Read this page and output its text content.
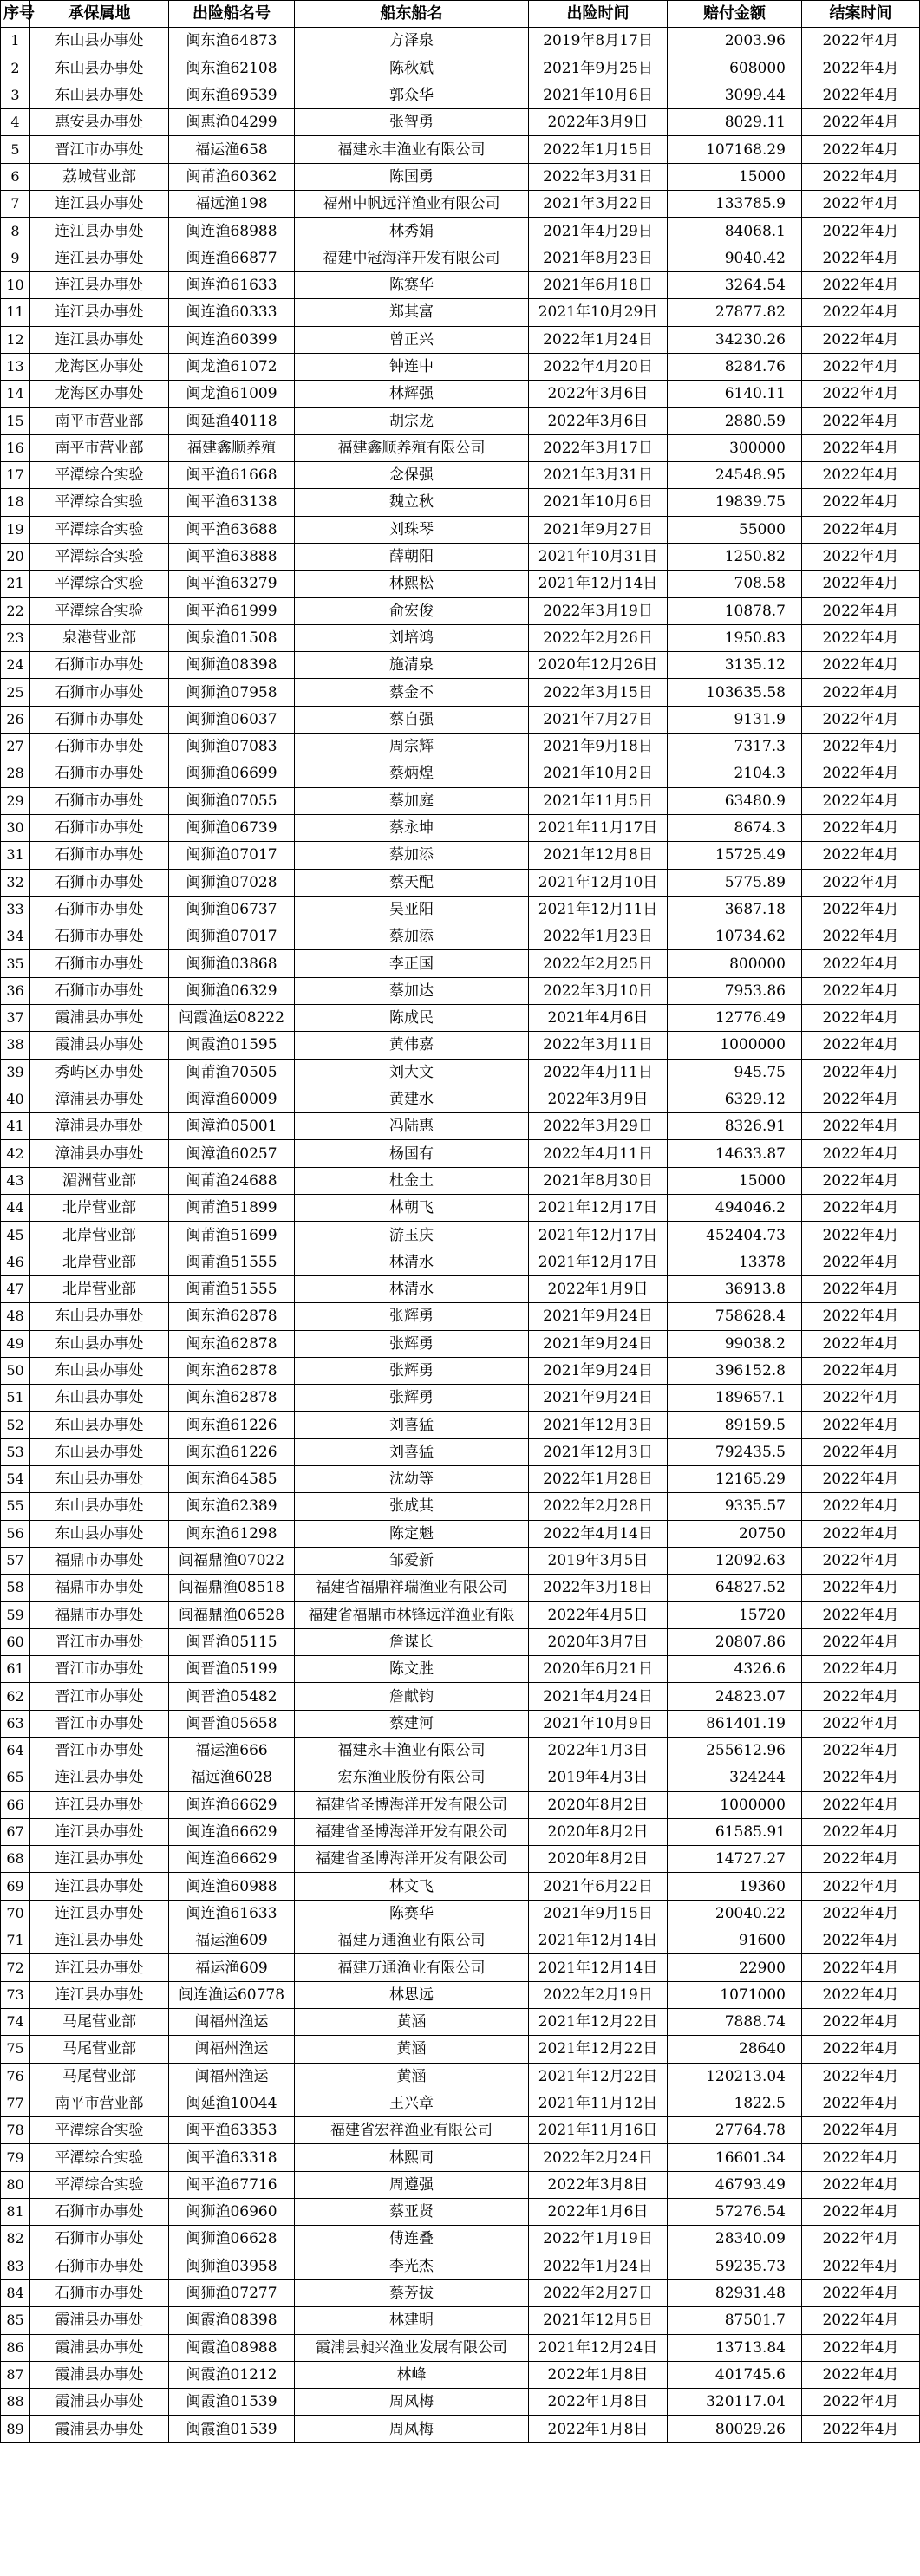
序号	承保属地	出险船名号	船东船名	出险时间	赔付金额	结案时间
1	东山县办事处	闽东渔64873	方泽泉	2019年8月17日	2003.96	2022年4月
2	东山县办事处	闽东渔62108	陈秋斌	2021年9月25日	608000	2022年4月
3	东山县办事处	闽东渔69539	郭众华	2021年10月6日	3099.44	2022年4月
4	惠安县办事处	闽惠渔04299	张智勇	2022年3月9日	8029.11	2022年4月
5	晋江市办事处	福运渔658	福建永丰渔业有限公司	2022年1月15日	107168.29	2022年4月
6	荔城营业部	闽莆渔60362	陈国勇	2022年3月31日	15000	2022年4月
7	连江县办事处	福远渔198	福州中帆远洋渔业有限公司	2021年3月22日	133785.9	2022年4月
8	连江县办事处	闽连渔68988	林秀娟	2021年4月29日	84068.1	2022年4月
9	连江县办事处	闽连渔66877	福建中冠海洋开发有限公司	2021年8月23日	9040.42	2022年4月
10	连江县办事处	闽连渔61633	陈赛华	2021年6月18日	3264.54	2022年4月
11	连江县办事处	闽连渔60333	郑其富	2021年10月29日	27877.82	2022年4月
12	连江县办事处	闽连渔60399	曾正兴	2022年1月24日	34230.26	2022年4月
13	龙海区办事处	闽龙渔61072	钟连中	2022年4月20日	8284.76	2022年4月
14	龙海区办事处	闽龙渔61009	林辉强	2022年3月6日	6140.11	2022年4月
15	南平市营业部	闽延渔40118	胡宗龙	2022年3月6日	2880.59	2022年4月
16	南平市营业部	福建鑫顺养殖	福建鑫顺养殖有限公司	2022年3月17日	300000	2022年4月
17	平潭综合实验	闽平渔61668	念保强	2021年3月31日	24548.95	2022年4月
18	平潭综合实验	闽平渔63138	魏立秋	2021年10月6日	19839.75	2022年4月
19	平潭综合实验	闽平渔63688	刘珠琴	2021年9月27日	55000	2022年4月
20	平潭综合实验	闽平渔63888	薛朝阳	2021年10月31日	1250.82	2022年4月
21	平潭综合实验	闽平渔63279	林熙松	2021年12月14日	708.58	2022年4月
22	平潭综合实验	闽平渔61999	俞宏俊	2022年3月19日	10878.7	2022年4月
23	泉港营业部	闽泉渔01508	刘培鸿	2022年2月26日	1950.83	2022年4月
24	石狮市办事处	闽狮渔08398	施清泉	2020年12月26日	3135.12	2022年4月
25	石狮市办事处	闽狮渔07958	蔡金不	2022年3月15日	103635.58	2022年4月
26	石狮市办事处	闽狮渔06037	蔡自强	2021年7月27日	9131.9	2022年4月
27	石狮市办事处	闽狮渔07083	周宗辉	2021年9月18日	7317.3	2022年4月
28	石狮市办事处	闽狮渔06699	蔡炳煌	2021年10月2日	2104.3	2022年4月
29	石狮市办事处	闽狮渔07055	蔡加庭	2021年11月5日	63480.9	2022年4月
30	石狮市办事处	闽狮渔06739	蔡永坤	2021年11月17日	8674.3	2022年4月
31	石狮市办事处	闽狮渔07017	蔡加添	2021年12月8日	15725.49	2022年4月
32	石狮市办事处	闽狮渔07028	蔡天配	2021年12月10日	5775.89	2022年4月
33	石狮市办事处	闽狮渔06737	吴亚阳	2021年12月11日	3687.18	2022年4月
34	石狮市办事处	闽狮渔07017	蔡加添	2022年1月23日	10734.62	2022年4月
35	石狮市办事处	闽狮渔03868	李正国	2022年2月25日	800000	2022年4月
36	石狮市办事处	闽狮渔06329	蔡加达	2022年3月10日	7953.86	2022年4月
37	霞浦县办事处	闽霞渔运08222	陈成民	2021年4月6日	12776.49	2022年4月
38	霞浦县办事处	闽霞渔01595	黄伟嘉	2022年3月11日	1000000	2022年4月
39	秀屿区办事处	闽莆渔70505	刘大文	2022年4月11日	945.75	2022年4月
40	漳浦县办事处	闽漳渔60009	黄建水	2022年3月9日	6329.12	2022年4月
41	漳浦县办事处	闽漳渔05001	冯陆惠	2022年3月29日	8326.91	2022年4月
42	漳浦县办事处	闽漳渔60257	杨国有	2022年4月11日	14633.87	2022年4月
43	湄洲营业部	闽莆渔24688	杜金土	2021年8月30日	15000	2022年4月
44	北岸营业部	闽莆渔51899	林朝飞	2021年12月17日	494046.2	2022年4月
45	北岸营业部	闽莆渔51699	游玉庆	2021年12月17日	452404.73	2022年4月
46	北岸营业部	闽莆渔51555	林清水	2021年12月17日	13378	2022年4月
47	北岸营业部	闽莆渔51555	林清水	2022年1月9日	36913.8	2022年4月
48	东山县办事处	闽东渔62878	张辉勇	2021年9月24日	758628.4	2022年4月
49	东山县办事处	闽东渔62878	张辉勇	2021年9月24日	99038.2	2022年4月
50	东山县办事处	闽东渔62878	张辉勇	2021年9月24日	396152.8	2022年4月
51	东山县办事处	闽东渔62878	张辉勇	2021年9月24日	189657.1	2022年4月
52	东山县办事处	闽东渔61226	刘喜猛	2021年12月3日	89159.5	2022年4月
53	东山县办事处	闽东渔61226	刘喜猛	2021年12月3日	792435.5	2022年4月
54	东山县办事处	闽东渔64585	沈幼等	2022年1月28日	12165.29	2022年4月
55	东山县办事处	闽东渔62389	张成其	2022年2月28日	9335.57	2022年4月
56	东山县办事处	闽东渔61298	陈定魁	2022年4月14日	20750	2022年4月
57	福鼎市办事处	闽福鼎渔07022	邹爱新	2019年3月5日	12092.63	2022年4月
58	福鼎市办事处	闽福鼎渔08518	福建省福鼎祥瑞渔业有限公司	2022年3月18日	64827.52	2022年4月
59	福鼎市办事处	闽福鼎渔06528	福建省福鼎市林锋远洋渔业有限	2022年4月5日	15720	2022年4月
60	晋江市办事处	闽晋渔05115	詹谋长	2020年3月7日	20807.86	2022年4月
61	晋江市办事处	闽晋渔05199	陈文胜	2020年6月21日	4326.6	2022年4月
62	晋江市办事处	闽晋渔05482	詹献钧	2021年4月24日	24823.07	2022年4月
63	晋江市办事处	闽晋渔05658	蔡建河	2021年10月9日	861401.19	2022年4月
64	晋江市办事处	福运渔666	福建永丰渔业有限公司	2022年1月3日	255612.96	2022年4月
65	连江县办事处	福远渔6028	宏东渔业股份有限公司	2019年4月3日	324244	2022年4月
66	连江县办事处	闽连渔66629	福建省圣博海洋开发有限公司	2020年8月2日	1000000	2022年4月
67	连江县办事处	闽连渔66629	福建省圣博海洋开发有限公司	2020年8月2日	61585.91	2022年4月
68	连江县办事处	闽连渔66629	福建省圣博海洋开发有限公司	2020年8月2日	14727.27	2022年4月
69	连江县办事处	闽连渔60988	林文飞	2021年6月22日	19360	2022年4月
70	连江县办事处	闽连渔61633	陈赛华	2021年9月15日	20040.22	2022年4月
71	连江县办事处	福运渔609	福建万通渔业有限公司	2021年12月14日	91600	2022年4月
72	连江县办事处	福运渔609	福建万通渔业有限公司	2021年12月14日	22900	2022年4月
73	连江县办事处	闽连渔运60778	林思远	2022年2月19日	1071000	2022年4月
74	马尾营业部	闽福州渔运	黄涵	2021年12月22日	7888.74	2022年4月
75	马尾营业部	闽福州渔运	黄涵	2021年12月22日	28640	2022年4月
76	马尾营业部	闽福州渔运	黄涵	2021年12月22日	120213.04	2022年4月
77	南平市营业部	闽延渔10044	王兴章	2021年11月12日	1822.5	2022年4月
78	平潭综合实验	闽平渔63353	福建省宏祥渔业有限公司	2021年11月16日	27764.78	2022年4月
79	平潭综合实验	闽平渔63318	林熙同	2022年2月24日	16601.34	2022年4月
80	平潭综合实验	闽平渔67716	周遵强	2022年3月8日	46793.49	2022年4月
81	石狮市办事处	闽狮渔06960	蔡亚贤	2022年1月6日	57276.54	2022年4月
82	石狮市办事处	闽狮渔06628	傅连叠	2022年1月19日	28340.09	2022年4月
83	石狮市办事处	闽狮渔03958	李光杰	2022年1月24日	59235.73	2022年4月
84	石狮市办事处	闽狮渔07277	蔡芳拔	2022年2月27日	82931.48	2022年4月
85	霞浦县办事处	闽霞渔08398	林建明	2021年12月5日	87501.7	2022年4月
86	霞浦县办事处	闽霞渔08988	霞浦县昶兴渔业发展有限公司	2021年12月24日	13713.84	2022年4月
87	霞浦县办事处	闽霞渔01212	林峰	2022年1月8日	401745.6	2022年4月
88	霞浦县办事处	闽霞渔01539	周凤梅	2022年1月8日	320117.04	2022年4月
89	霞浦县办事处	闽霞渔01539	周凤梅	2022年1月8日	80029.26	2022年4月
